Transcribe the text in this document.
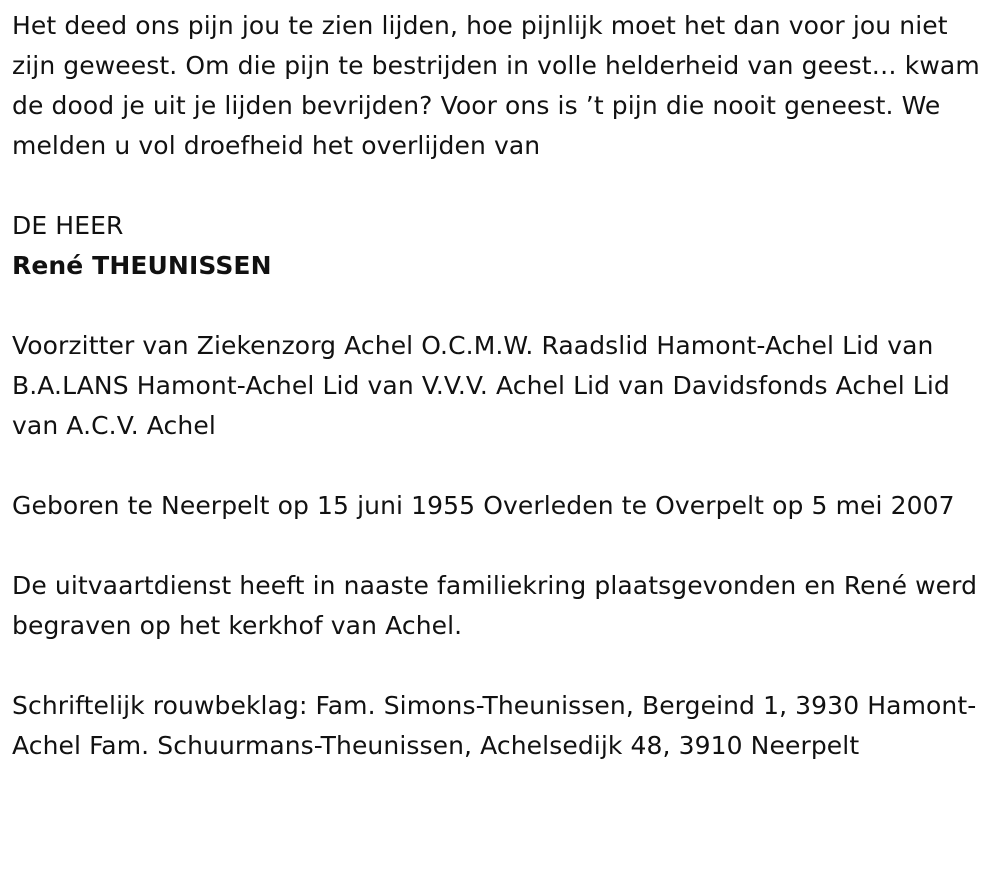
Het deed ons pijn jou te zien lijden, hoe pijnlijk moet het dan voor jou niet zijn geweest. Om die pijn te bestrijden in volle helderheid van geest… kwam de dood je uit je lijden bevrijden? Voor ons is ’t pijn die nooit geneest. We melden u vol droefheid het overlijden van

DE HEER

René THEUNISSEN

Voorzitter van Ziekenzorg Achel O.C.M.W. Raadslid Hamont-Achel Lid van B.A.LANS Hamont-Achel Lid van V.V.V. Achel Lid van Davidsfonds Achel Lid van A.C.V. Achel

Geboren te Neerpelt op 15 juni 1955 Overleden te Overpelt op 5 mei 2007

De uitvaartdienst heeft in naaste familiekring plaatsgevonden en René werd begraven op het kerkhof van Achel.

Schriftelijk rouwbeklag: Fam. Simons-Theunissen, Bergeind 1, 3930 Hamont-Achel Fam. Schuurmans-Theunissen, Achelsedijk 48, 3910 Neerpelt
